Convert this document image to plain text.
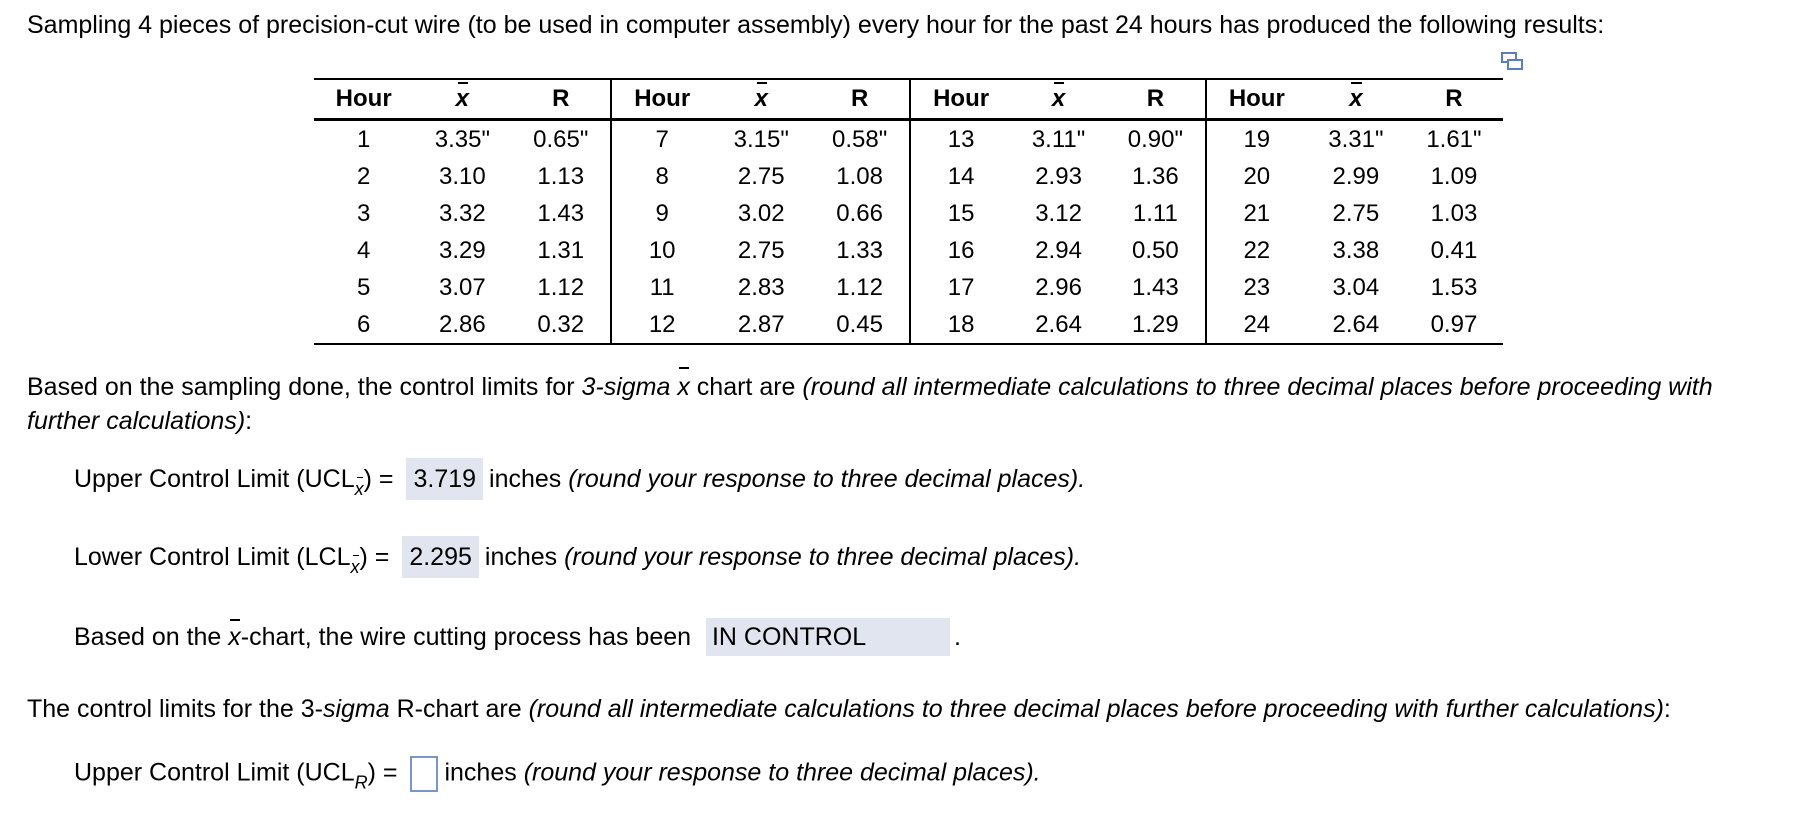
Sampling 4 pieces of precision-cut wire (to be used in computer assembly) every hour for the past 24 hours has produced the following results:
Hour	x	R	Hour	x	R	Hour	x	R	Hour	x	R
1	3.35"	0.65"	7	3.15"	0.58"	13	3.11"	0.90"	19	3.31"	1.61"
2	3.10	1.13	8	2.75	1.08	14	2.93	1.36	20	2.99	1.09
3	3.32	1.43	9	3.02	0.66	15	3.12	1.11	21	2.75	1.03
4	3.29	1.31	10	2.75	1.33	16	2.94	0.50	22	3.38	0.41
5	3.07	1.12	11	2.83	1.12	17	2.96	1.43	23	3.04	1.53
6	2.86	0.32	12	2.87	0.45	18	2.64	1.29	24	2.64	0.97
Based on the sampling done, the control limits for 3-sigma x chart are (round all intermediate calculations to three decimal places before proceeding with further calculations):
Upper Control Limit $(UCL_x) = 3.719$ inches (round your response to three decimal places).
Lower Control Limit $(LCL_x) = 2.295$ inches (round your response to three decimal places).
Based on the x-chart, the wire cutting process has been IN CONTROL	.
The control limits for the 3-sigma R-chart are (round all intermediate calculations to three decimal places before proceeding with further calculations):
Upper Control Limit $(UCL_R)$ = inches (round your response to three decimal places).
